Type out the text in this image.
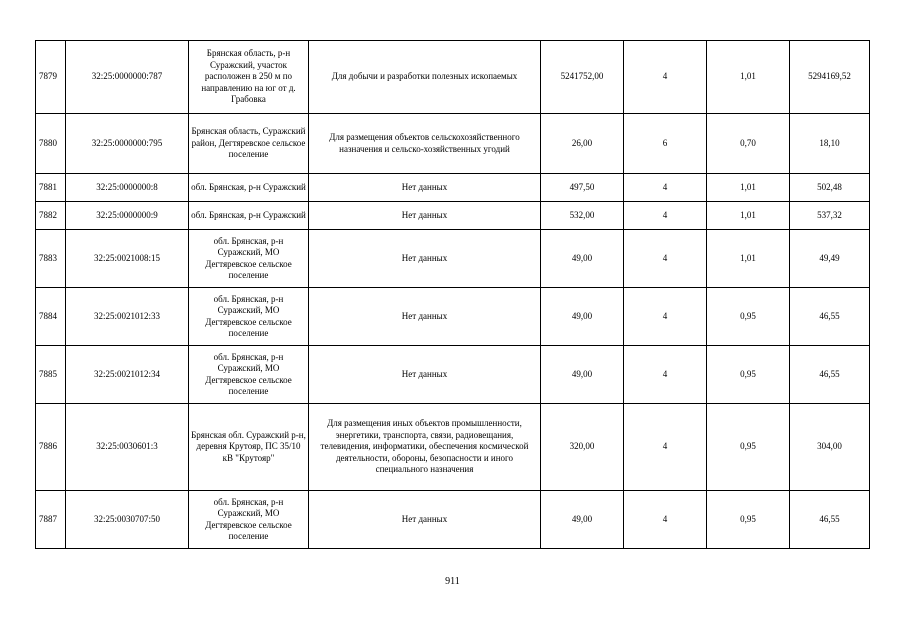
7879	32:25:0000000:787	Брянская область, р-н Суражский, участок расположен в 250 м по направлению на юг от д. Грабовка	Для добычи и разработки полезных ископаемых	5241752,00	4	1,01	5294169,52
7880	32:25:0000000:795	Брянская область, Суражский район, Дегтяревское сельское поселение	Для размещения объектов сельскохозяйственного назначения и сельско-хозяйственных угодий	26,00	6	0,70	18,10
7881	32:25:0000000:8	обл. Брянская, р-н Суражский	Нет данных	497,50	4	1,01	502,48
7882	32:25:0000000:9	обл. Брянская, р-н Суражский	Нет данных	532,00	4	1,01	537,32
7883	32:25:0021008:15	обл. Брянская, р-н Суражский, МО Дегтяревское сельское поселение	Нет данных	49,00	4	1,01	49,49
7884	32:25:0021012:33	обл. Брянская, р-н Суражский, МО Дегтяревское сельское поселение	Нет данных	49,00	4	0,95	46,55
7885	32:25:0021012:34	обл. Брянская, р-н Суражский, МО Дегтяревское сельское поселение	Нет данных	49,00	4	0,95	46,55
7886	32:25:0030601:3	Брянская обл. Суражский р-н, деревня Крутояр, ПС 35/10 кВ "Крутояр"	Для размещения иных объектов промышленности, энергетики, транспорта, связи, радиовещания, телевидения, информатики, обеспечения космической деятельности, обороны, безопасности и иного специального назначения	320,00	4	0,95	304,00
7887	32:25:0030707:50	обл. Брянская, р-н Суражский, МО Дегтяревское сельское поселение	Нет данных	49,00	4	0,95	46,55
911
